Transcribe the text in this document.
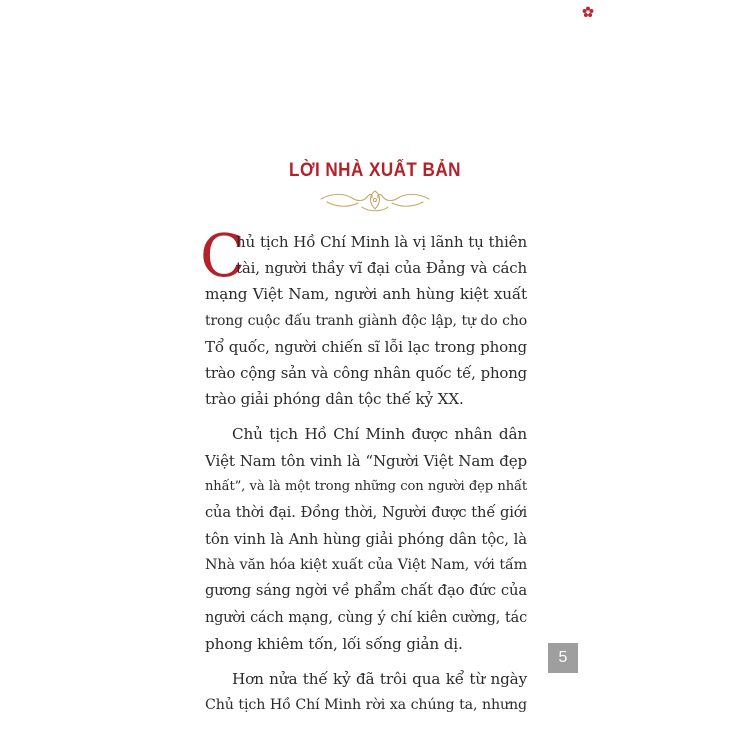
LỜI NHÀ XUẤT BẢN
C
hủ tịch Hồ Chí Minh là vị lãnh tụ thiên
tài, người thầy vĩ đại của Đảng và cách
mạng Việt Nam, người anh hùng kiệt xuất
trong cuộc đấu tranh giành độc lập, tự do cho
Tổ quốc, người chiến sĩ lỗi lạc trong phong
trào cộng sản và công nhân quốc tế, phong
trào giải phóng dân tộc thế kỷ XX.
Chủ tịch Hồ Chí Minh được nhân dân
Việt Nam tôn vinh là “Người Việt Nam đẹp
nhất”, và là một trong những con người đẹp nhất
của thời đại. Đồng thời, Người được thế giới
tôn vinh là Anh hùng giải phóng dân tộc, là
Nhà văn hóa kiệt xuất của Việt Nam, với tấm
gương sáng ngời về phẩm chất đạo đức của
người cách mạng, cùng ý chí kiên cường, tác
phong khiêm tốn, lối sống giản dị.
Hơn nửa thế kỷ đã trôi qua kể từ ngày
Chủ tịch Hồ Chí Minh rời xa chúng ta, nhưng
5
